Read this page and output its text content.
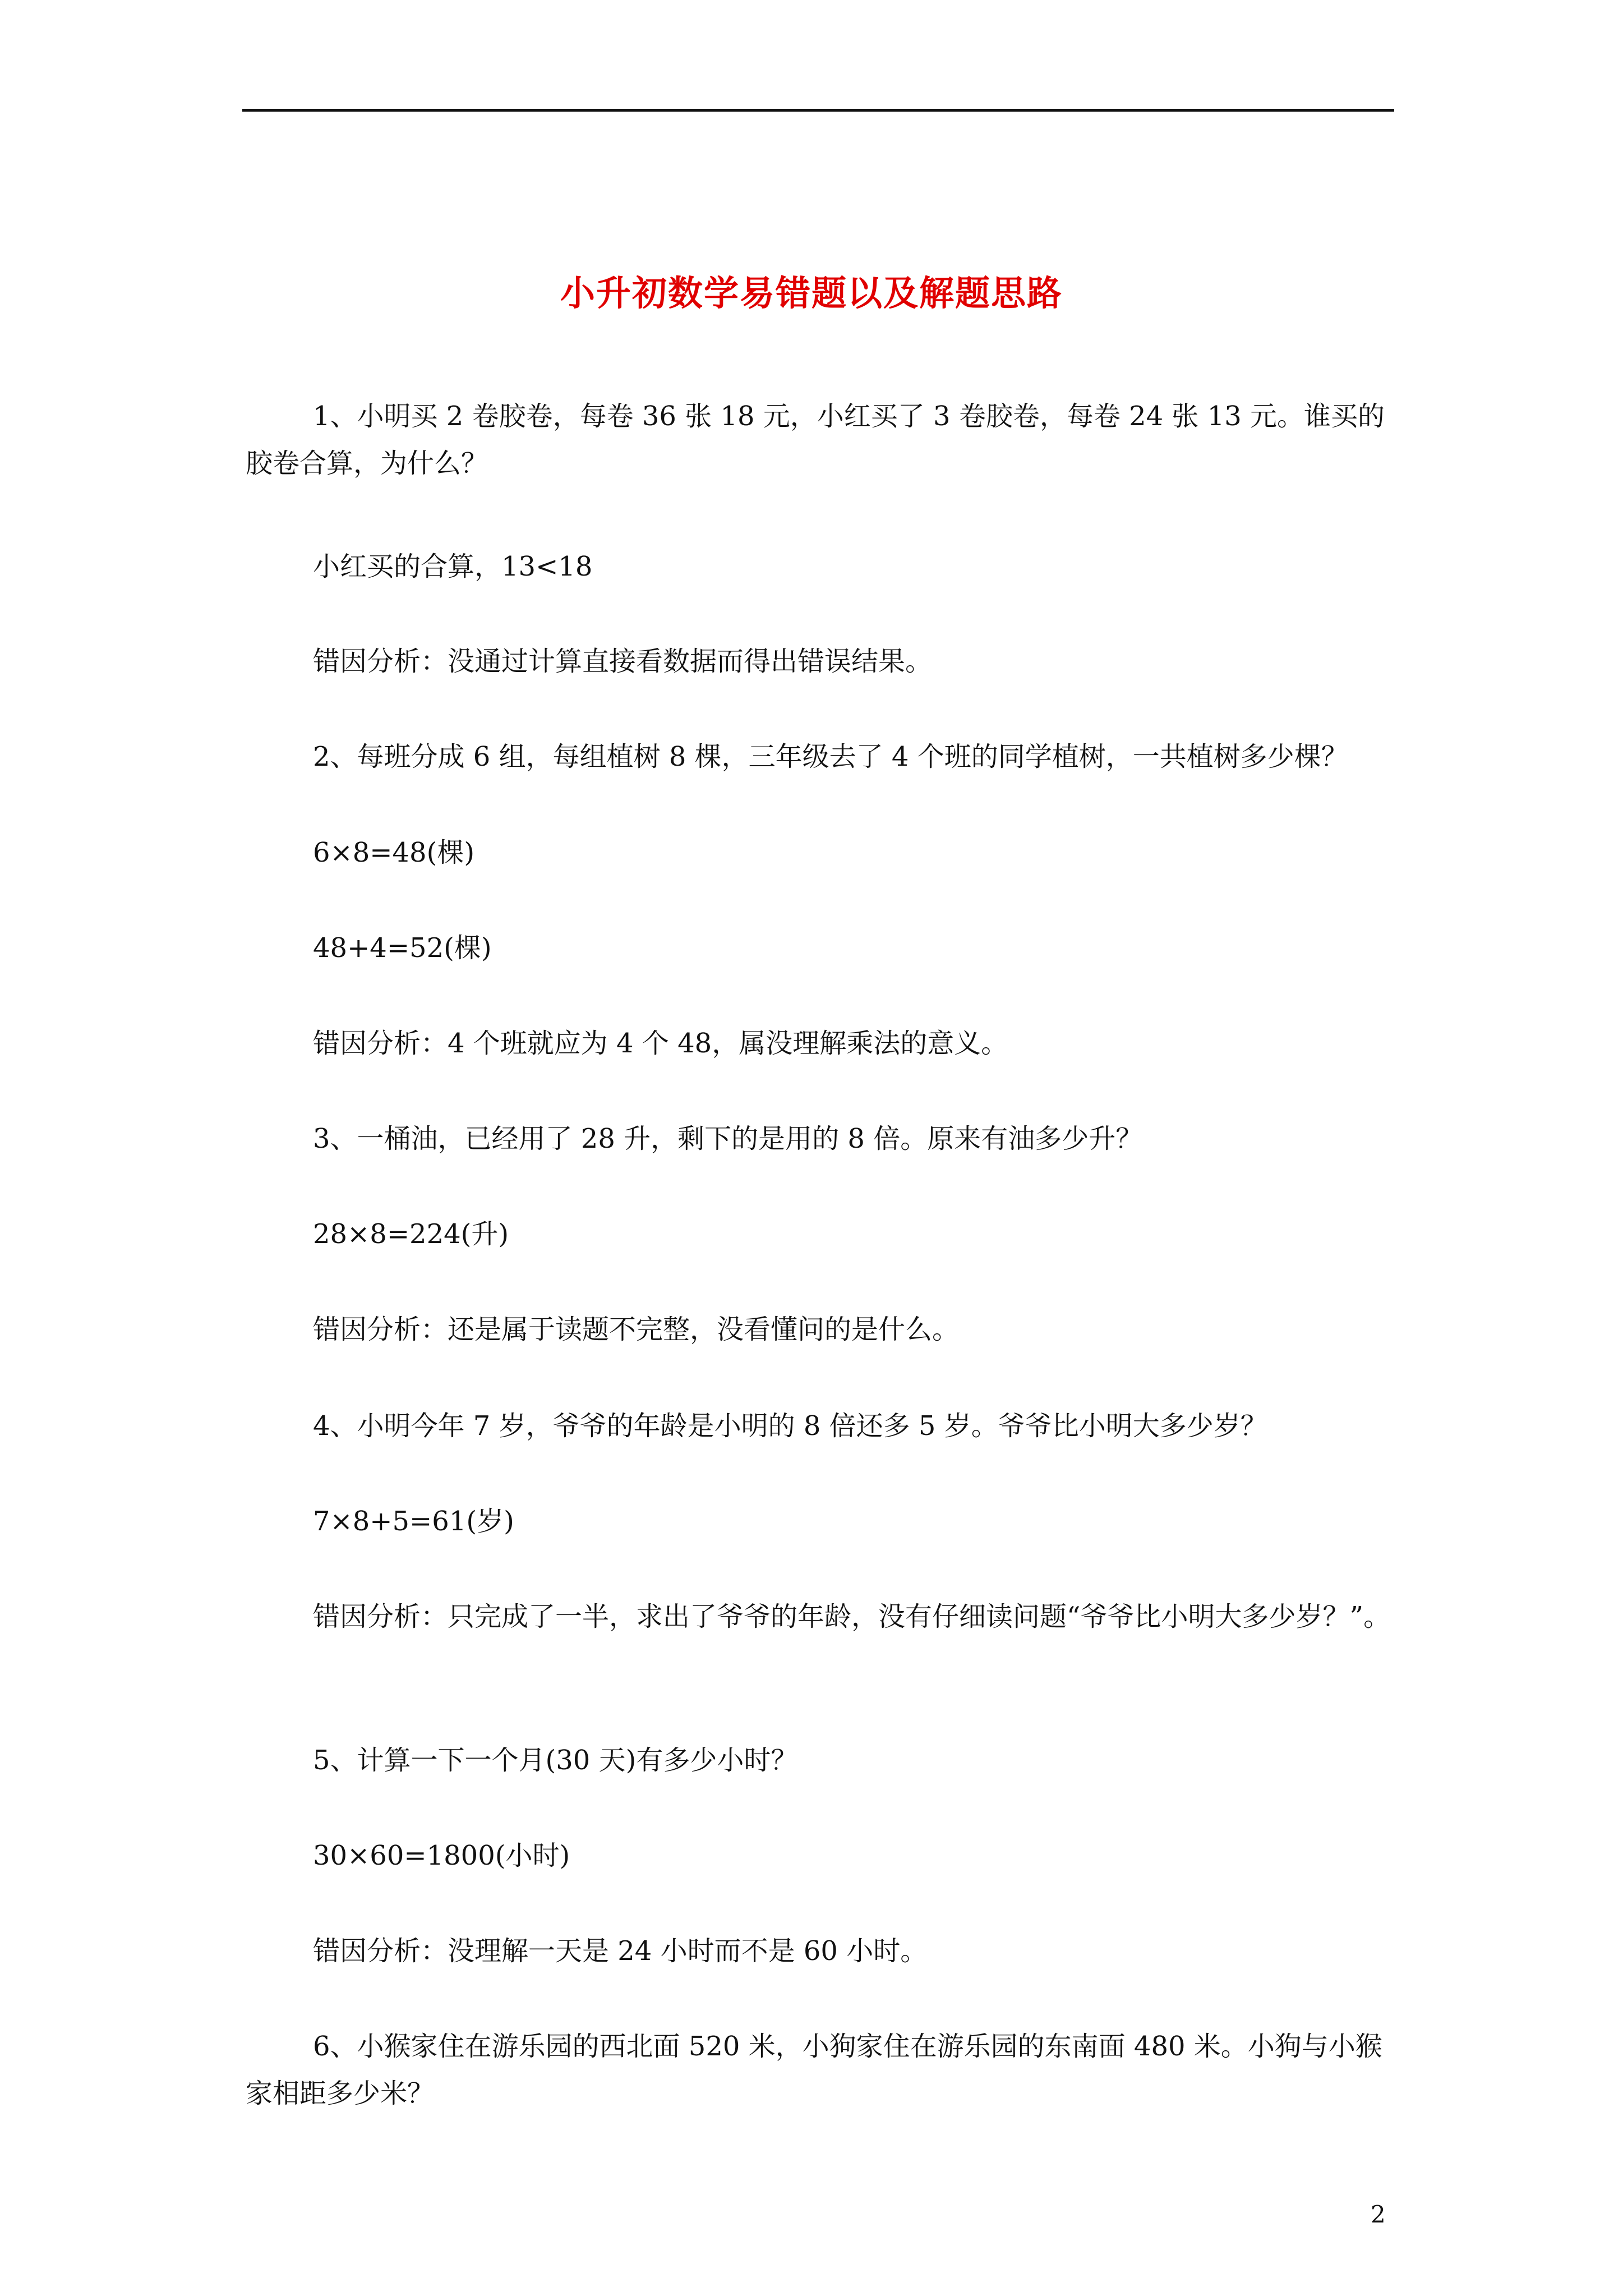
小升初数学易错题以及解题思路
1、小明买 2 卷胶卷，每卷 36 张 18 元，小红买了 3 卷胶卷，每卷 24 张 13 元。谁买的胶卷合算，为什么？
小红买的合算，13<18
错因分析：没通过计算直接看数据而得出错误结果。
2、每班分成 6 组，每组植树 8 棵，三年级去了 4 个班的同学植树，一共植树多少棵？
6×8=48(棵)
48+4=52(棵)
错因分析：4 个班就应为 4 个 48，属没理解乘法的意义。
3、一桶油，已经用了 28 升，剩下的是用的 8 倍。原来有油多少升？
28×8=224(升)
错因分析：还是属于读题不完整，没看懂问的是什么。
4、小明今年 7 岁，爷爷的年龄是小明的 8 倍还多 5 岁。爷爷比小明大多少岁？
7×8+5=61(岁)
错因分析：只完成了一半，求出了爷爷的年龄，没有仔细读问题“爷爷比小明大多少岁？”。
5、计算一下一个月(30 天)有多少小时？
30×60=1800(小时)
错因分析：没理解一天是 24 小时而不是 60 小时。
6、小猴家住在游乐园的西北面 520 米，小狗家住在游乐园的东南面 480 米。小狗与小猴家相距多少米？
2
